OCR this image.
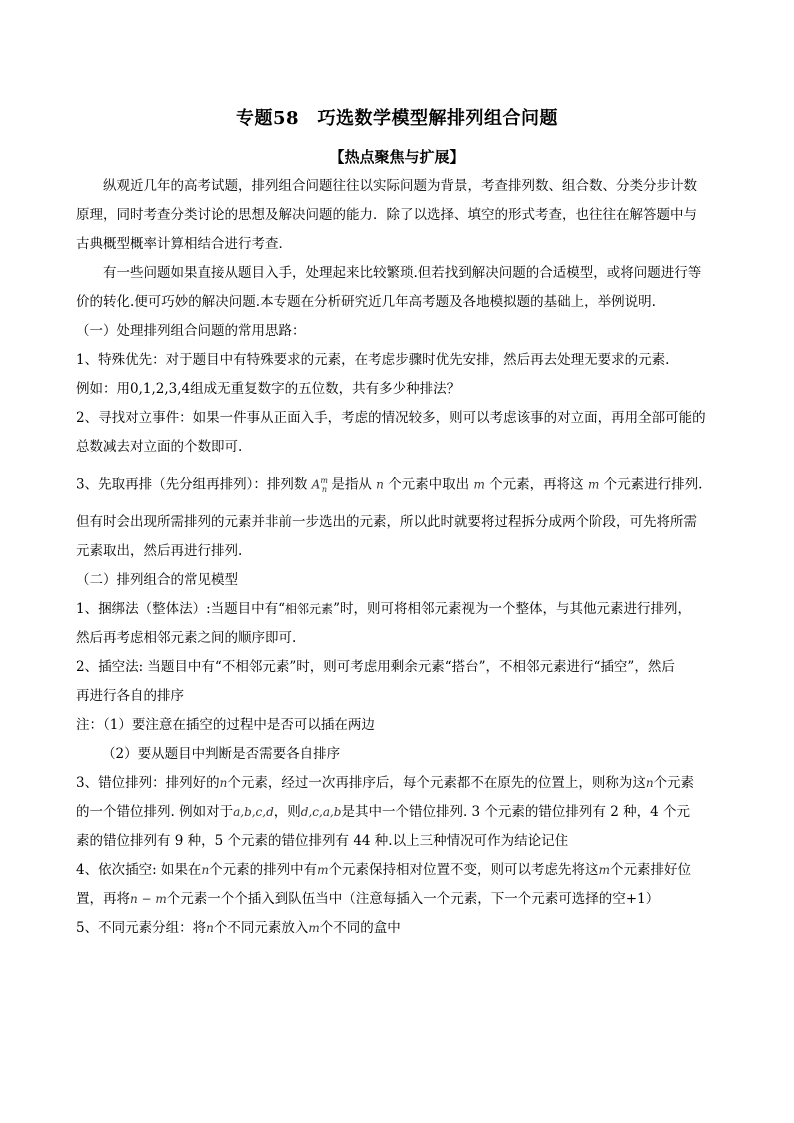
专题58　巧选数学模型解排列组合问题
【热点聚焦与扩展】

纵观近几年的高考试题，排列组合问题往往以实际问题为背景，考查排列数、组合数、分类分步计数

原理，同时考查分类讨论的思想及解决问题的能力．除了以选择、填空的形式考查，也往往在解答题中与

古典概型概率计算相结合进行考查．

有一些问题如果直接从题目入手，处理起来比较繁琐.但若找到解决问题的合适模型，或将问题进行等

价的转化.便可巧妙的解决问题.本专题在分析研究近几年高考题及各地模拟题的基础上，举例说明.

（一）处理排列组合问题的常用思路：

1、特殊优先：对于题目中有特殊要求的元素，在考虑步骤时优先安排，然后再去处理无要求的元素.

例如：用0,1,2,3,4组成无重复数字的五位数，共有多少种排法？

2、寻找对立事件：如果一件事从正面入手，考虑的情况较多，则可以考虑该事的对立面，再用全部可能的

总数减去对立面的个数即可.

3、先取再排（先分组再排列）：排列数 $A^m_n$ 是指从 n 个元素中取出 m 个元素，再将这 m 个元素进行排列.

但有时会出现所需排列的元素并非前一步选出的元素，所以此时就要将过程拆分成两个阶段，可先将所需

元素取出，然后再进行排列.

（二）排列组合的常见模型

1、捆绑法（整体法）:当题目中有“相邻元素”时，则可将相邻元素视为一个整体，与其他元素进行排列，

然后再考虑相邻元素之间的顺序即可.

2、插空法: 当题目中有“不相邻元素”时，则可考虑用剩余元素“搭台”，不相邻元素进行“插空”，然后

再进行各自的排序

注：（1）要注意在插空的过程中是否可以插在两边

（2）要从题目中判断是否需要各自排序

3、错位排列：排列好的n个元素，经过一次再排序后，每个元素都不在原先的位置上，则称为这n个元素

的一个错位排列. 例如对于a,b,c,d，则d,c,a,b是其中一个错位排列. 3 个元素的错位排列有 2 种，4 个元

素的错位排列有 9 种，5 个元素的错位排列有 44 种.以上三种情况可作为结论记住

4、依次插空: 如果在n个元素的排列中有m个元素保持相对位置不变，则可以考虑先将这m个元素排好位

置，再将n − m个元素一个个插入到队伍当中（注意每插入一个元素，下一个元素可选择的空+1）

5、不同元素分组：将n个不同元素放入m个不同的盒中
